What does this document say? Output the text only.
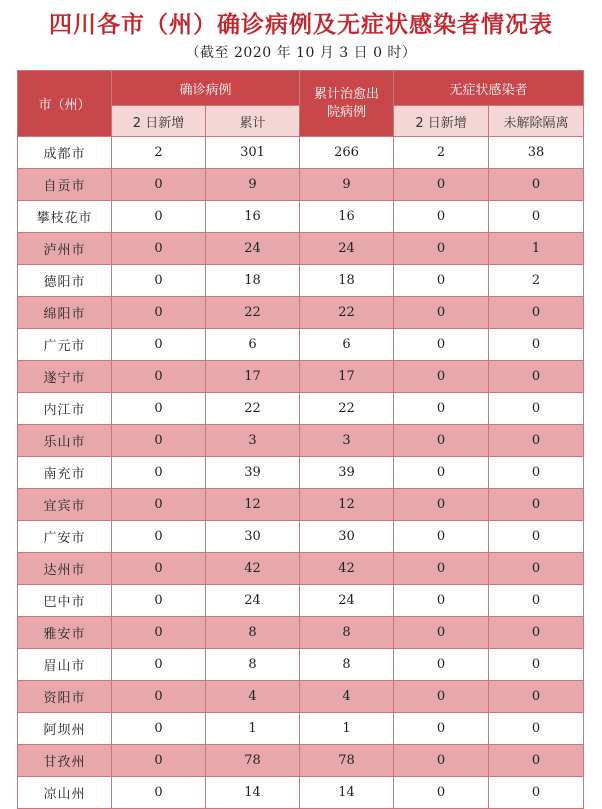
四川各市（州）确诊病例及无症状感染者情况表
（截至 2020 年 10 月 3 日 0 时）
市（州）	确诊病例		累计治愈出院病例	无症状感染者	
	2 日新增	累计		2 日新增	未解除隔离
成都市	2	301	266	2	38
自贡市	0	9	9	0	0
攀枝花市	0	16	16	0	0
泸州市	0	24	24	0	1
德阳市	0	18	18	0	2
绵阳市	0	22	22	0	0
广元市	0	6	6	0	0
遂宁市	0	17	17	0	0
内江市	0	22	22	0	0
乐山市	0	3	3	0	0
南充市	0	39	39	0	0
宜宾市	0	12	12	0	0
广安市	0	30	30	0	0
达州市	0	42	42	0	0
巴中市	0	24	24	0	0
雅安市	0	8	8	0	0
眉山市	0	8	8	0	0
资阳市	0	4	4	0	0
阿坝州	0	1	1	0	0
甘孜州	0	78	78	0	0
凉山州	0	14	14	0	0
